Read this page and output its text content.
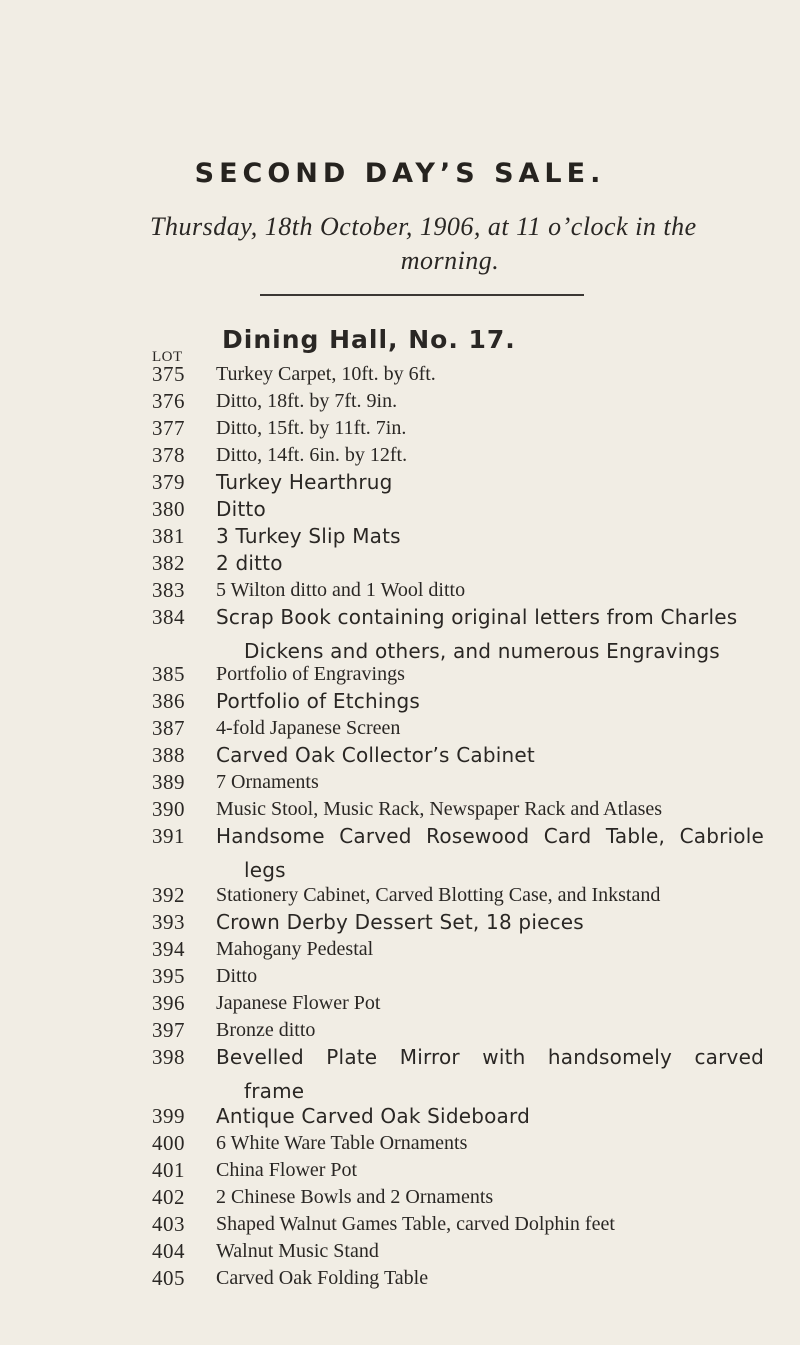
SECOND DAY’S SALE.
Thursday, 18th October, 1906, at 11 o’clock in the
morning.
Dining Hall, No. 17.
LOT
375 Turkey Carpet, 10ft. by 6ft.
376 Ditto, 18ft. by 7ft. 9in.
377 Ditto, 15ft. by 11ft. 7in.
378 Ditto, 14ft. 6in. by 12ft.
379 Turkey Hearthrug
380 Ditto
381 3 Turkey Slip Mats
382 2 ditto
383 5 Wilton ditto and 1 Wool ditto
384 Scrap Book containing original letters from Charles
Dickens and others, and numerous Engravings
385 Portfolio of Engravings
386 Portfolio of Etchings
387 4-fold Japanese Screen
388 Carved Oak Collector’s Cabinet
389 7 Ornaments
390 Music Stool, Music Rack, Newspaper Rack and Atlases
391 Handsome Carved Rosewood Card Table, Cabriole
legs
392 Stationery Cabinet, Carved Blotting Case, and Inkstand
393 Crown Derby Dessert Set, 18 pieces
394 Mahogany Pedestal
395 Ditto
396 Japanese Flower Pot
397 Bronze ditto
398 Bevelled Plate Mirror with handsomely carved
frame
399 Antique Carved Oak Sideboard
400 6 White Ware Table Ornaments
401 China Flower Pot
402 2 Chinese Bowls and 2 Ornaments
403 Shaped Walnut Games Table, carved Dolphin feet
404 Walnut Music Stand
405 Carved Oak Folding Table
